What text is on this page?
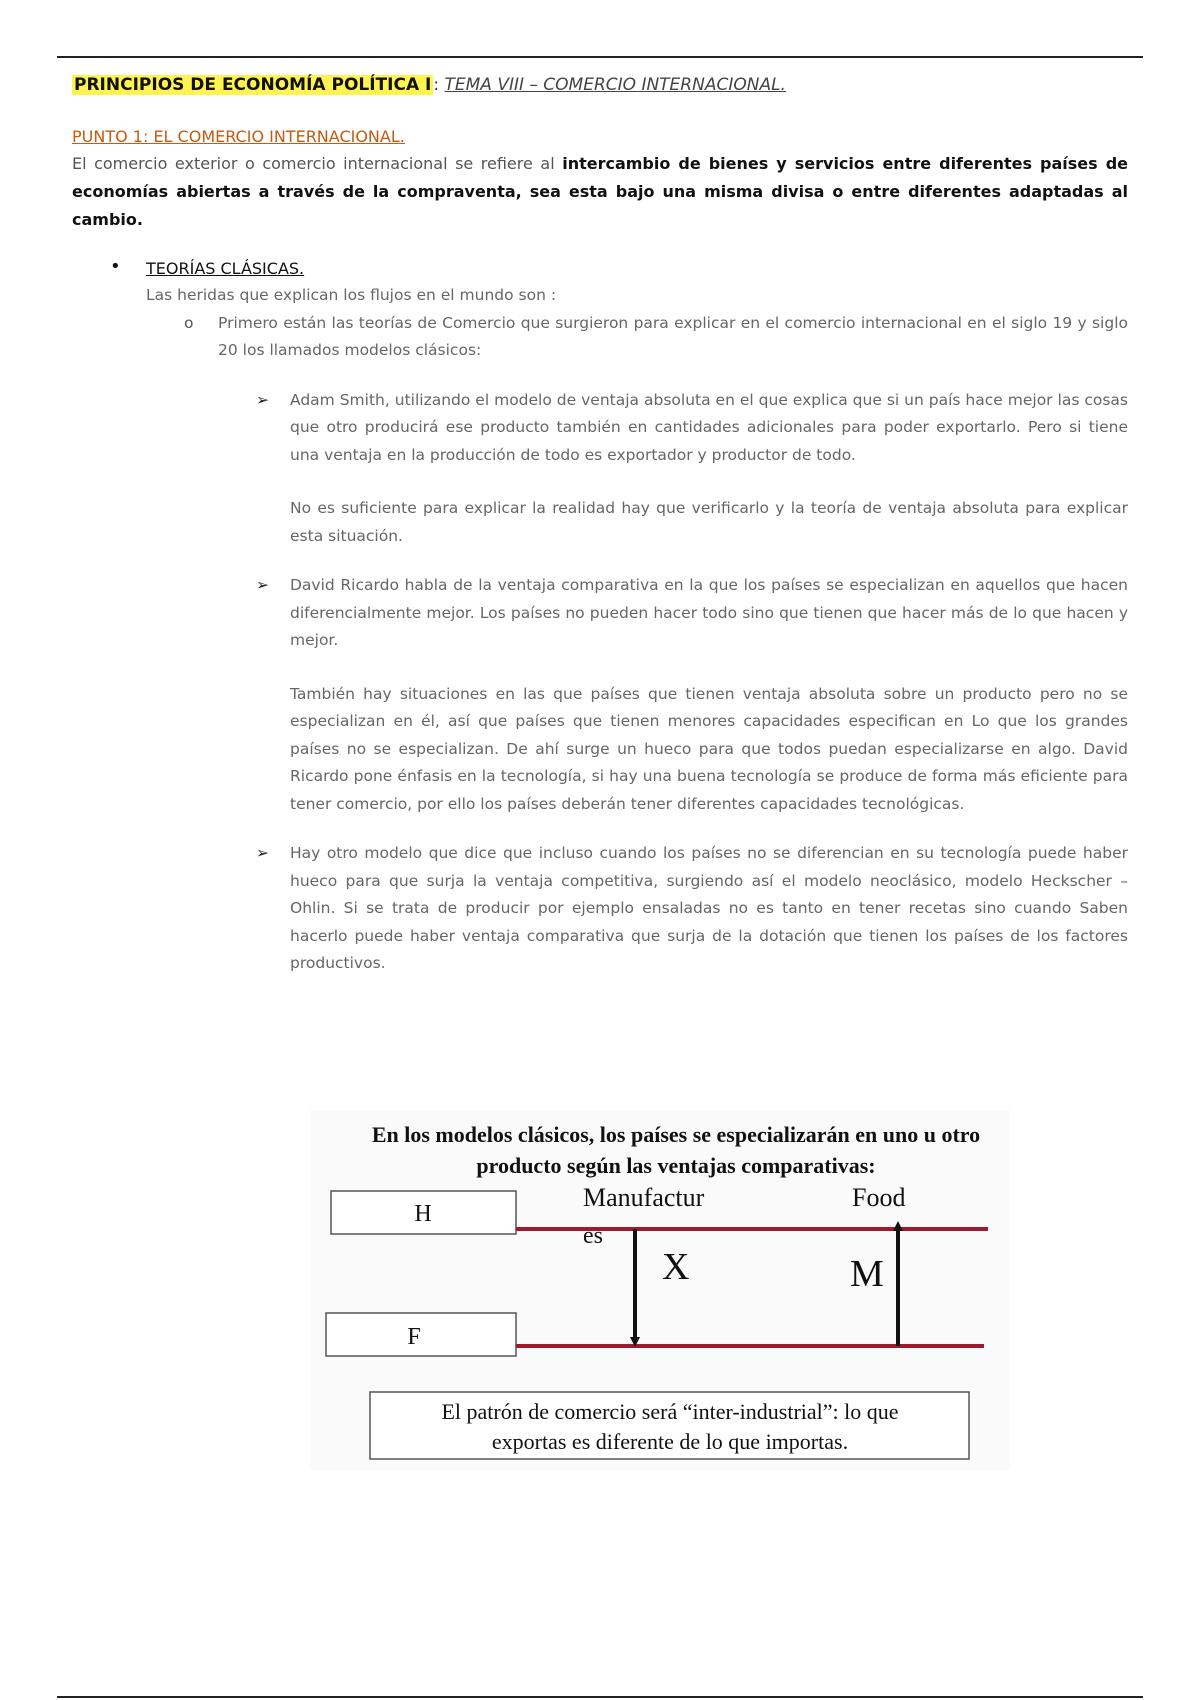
PRINCIPIOS DE ECONOMÍA POLÍTICA I : TEMA VIII – COMERCIO INTERNACIONAL.

PUNTO 1: EL COMERCIO INTERNACIONAL.

El comercio exterior o comercio internacional se refiere al intercambio de bienes y servicios entre diferentes países de economías abiertas a través de la compraventa, sea esta bajo una misma divisa o entre diferentes adaptadas al cambio.

• TEORÍAS CLÁSICAS.
Las heridas que explican los flujos en el mundo son :
o Primero están las teorías de Comercio que surgieron para explicar en el comercio internacional en el siglo 19 y siglo 20 los llamados modelos clásicos:
➢ Adam Smith, utilizando el modelo de ventaja absoluta en el que explica que si un país hace mejor las cosas que otro producirá ese producto también en cantidades adicionales para poder exportarlo. Pero si tiene una ventaja en la producción de todo es exportador y productor de todo.

No es suficiente para explicar la realidad hay que verificarlo y la teoría de ventaja absoluta para explicar esta situación.

➢ David Ricardo habla de la ventaja comparativa en la que los países se especializan en aquellos que hacen diferencialmente mejor. Los países no pueden hacer todo sino que tienen que hacer más de lo que hacen y mejor.

También hay situaciones en las que países que tienen ventaja absoluta sobre un producto pero no se especializan en él, así que países que tienen menores capacidades especifican en Lo que los grandes países no se especializan. De ahí surge un hueco para que todos puedan especializarse en algo. David Ricardo pone énfasis en la tecnología, si hay una buena tecnología se produce de forma más eficiente para tener comercio, por ello los países deberán tener diferentes capacidades tecnológicas.

➢ Hay otro modelo que dice que incluso cuando los países no se diferencian en su tecnología puede haber hueco para que surja la ventaja competitiva, surgiendo así el modelo neoclásico, modelo Heckscher – Ohlin. Si se trata de producir por ejemplo ensaladas no es tanto en tener recetas sino cuando Saben hacerlo puede haber ventaja comparativa que surja de la dotación que tienen los países de los factores productivos.

En los modelos clásicos, los países se especializarán en uno u otro
producto según las ventajas comparativas:
H
F
Manufactur
es
Food
X	M
El patrón de comercio será “inter-industrial”: lo que
exportas es diferente de lo que importas.
